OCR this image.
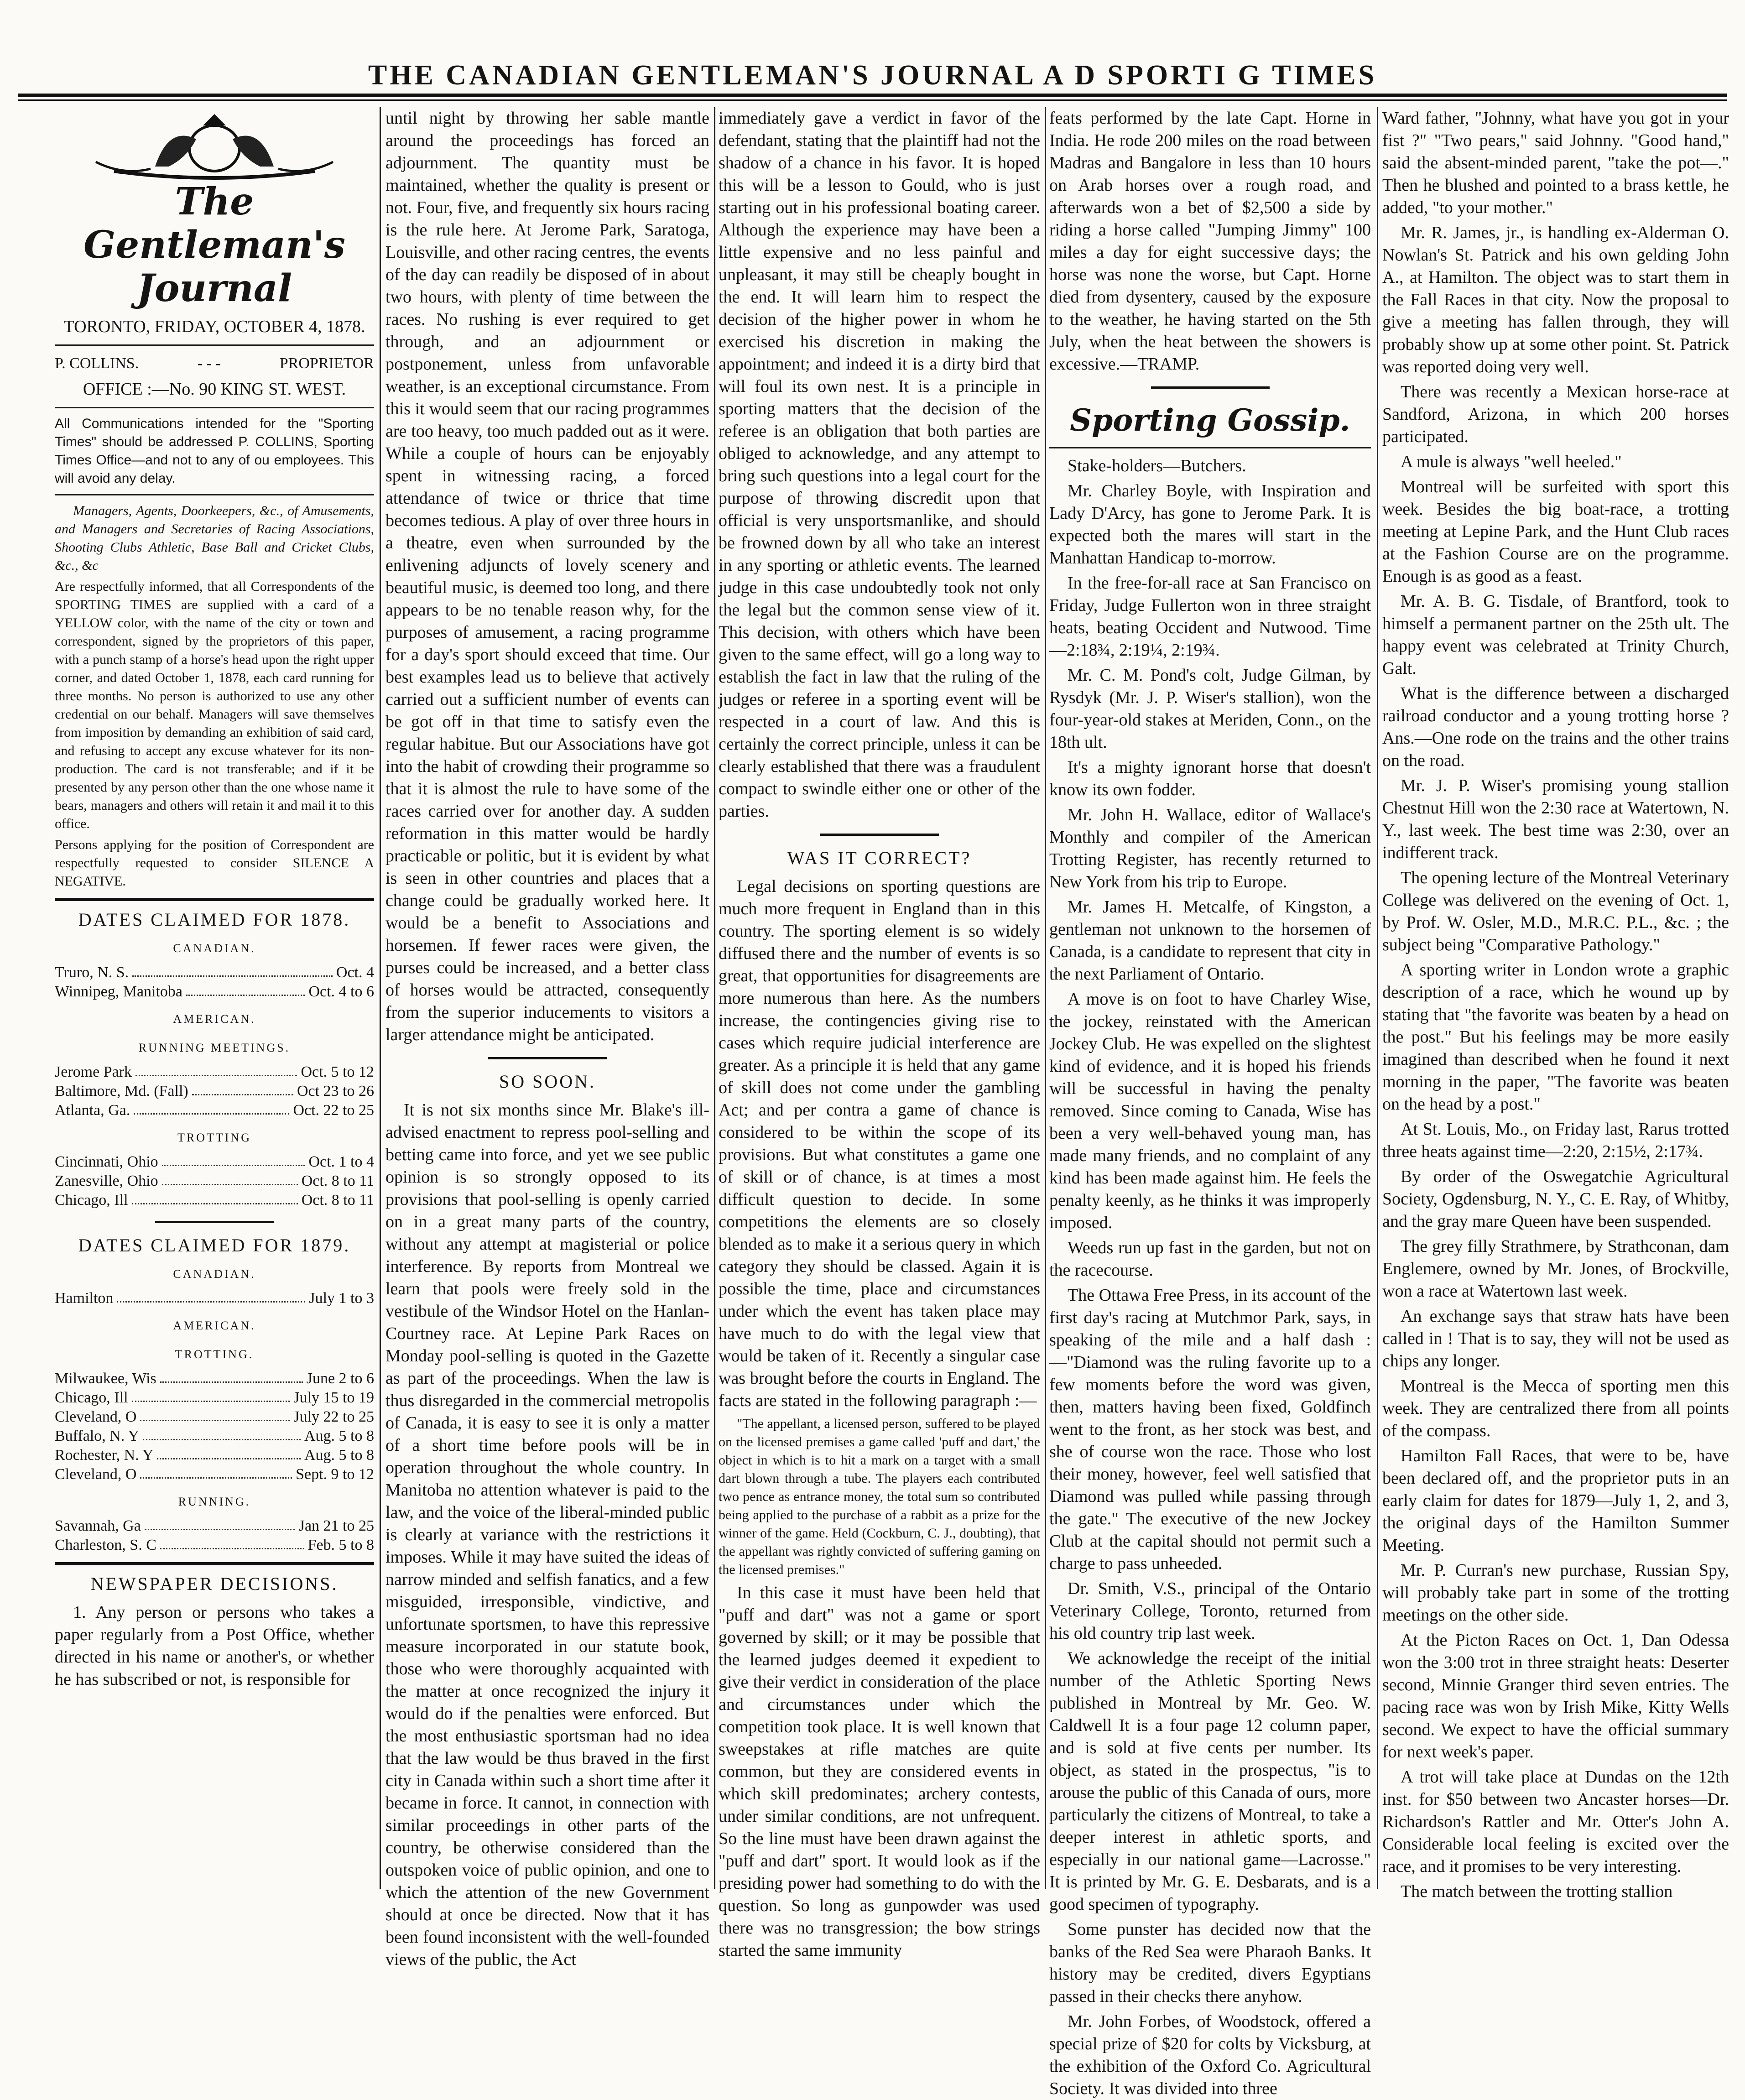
THE CANADIAN GENTLEMAN'S JOURNAL A D SPORTI G TIMES
The Gentleman's Journal
TORONTO, FRIDAY, OCTOBER 4, 1878.
P. COLLINS.	- - -	PROPRIETOR
OFFICE :—No. 90 KING ST. WEST.

All Communications intended for the "Sporting Times" should be addressed P. COLLINS, Sporting Times Office—and not to any of ou employees. This will avoid any delay.

Managers, Agents, Doorkeepers, &c., of Amusements, and Managers and Secretaries of Racing Associations, Shooting Clubs Athletic, Base Ball and Cricket Clubs, &c., &c

Are respectfully informed, that all Correspondents of the SPORTING TIMES are supplied with a card of a YELLOW color, with the name of the city or town and correspondent, signed by the proprietors of this paper, with a punch stamp of a horse's head upon the right upper corner, and dated October 1, 1878, each card running for three months. No person is authorized to use any other credential on our behalf. Managers will save themselves from imposition by demanding an exhibition of said card, and refusing to accept any excuse whatever for its non-production. The card is not transferable; and if it be presented by any person other than the one whose name it bears, managers and others will retain it and mail it to this office.

Persons applying for the position of Correspondent are respectfully requested to consider SILENCE A NEGATIVE.

DATES CLAIMED FOR 1878.
CANADIAN.
Truro, N. S.	Oct. 4
Winnipeg, Manitoba	Oct. 4 to 6
AMERICAN.
RUNNING MEETINGS.
Jerome Park	Oct. 5 to 12
Baltimore, Md. (Fall)	Oct 23 to 26
Atlanta, Ga.	Oct. 22 to 25
TROTTING
Cincinnati, Ohio	Oct. 1 to 4
Zanesville, Ohio	Oct. 8 to 11
Chicago, Ill	Oct. 8 to 11
DATES CLAIMED FOR 1879.
CANADIAN.
Hamilton	July 1 to 3
AMERICAN.
TROTTING.
Milwaukee, Wis	June 2 to 6
Chicago, Ill	July 15 to 19
Cleveland, O	July 22 to 25
Buffalo, N. Y	Aug. 5 to 8
Rochester, N. Y	Aug. 5 to 8
Cleveland, O	Sept. 9 to 12
RUNNING.
Savannah, Ga	Jan 21 to 25
Charleston, S. C	Feb. 5 to 8
NEWSPAPER DECISIONS.

1. Any person or persons who takes a paper regularly from a Post Office, whether directed in his name or another's, or whether he has subscribed or not, is responsible for

until night by throwing her sable mantle around the proceedings has forced an adjournment. The quantity must be maintained, whether the quality is present or not. Four, five, and frequently six hours racing is the rule here. At Jerome Park, Saratoga, Louisville, and other racing centres, the events of the day can readily be disposed of in about two hours, with plenty of time between the races. No rushing is ever required to get through, and an adjournment or postponement, unless from unfavorable weather, is an exceptional circumstance. From this it would seem that our racing programmes are too heavy, too much padded out as it were. While a couple of hours can be enjoyably spent in witnessing racing, a forced attendance of twice or thrice that time becomes tedious. A play of over three hours in a theatre, even when surrounded by the enlivening adjuncts of lovely scenery and beautiful music, is deemed too long, and there appears to be no tenable reason why, for the purposes of amusement, a racing programme for a day's sport should exceed that time. Our best examples lead us to believe that actively carried out a sufficient number of events can be got off in that time to satisfy even the regular habitue. But our Associations have got into the habit of crowding their programme so that it is almost the rule to have some of the races carried over for another day. A sudden reformation in this matter would be hardly practicable or politic, but it is evident by what is seen in other countries and places that a change could be gradually worked here. It would be a benefit to Associations and horsemen. If fewer races were given, the purses could be increased, and a better class of horses would be attracted, consequently from the superior inducements to visitors a larger attendance might be anticipated.

SO SOON.

It is not six months since Mr. Blake's ill-advised enactment to repress pool-selling and betting came into force, and yet we see public opinion is so strongly opposed to its provisions that pool-selling is openly carried on in a great many parts of the country, without any attempt at magisterial or police interference. By reports from Montreal we learn that pools were freely sold in the vestibule of the Windsor Hotel on the Hanlan-Courtney race. At Lepine Park Races on Monday pool-selling is quoted in the Gazette as part of the proceedings. When the law is thus disregarded in the commercial metropolis of Canada, it is easy to see it is only a matter of a short time before pools will be in operation throughout the whole country. In Manitoba no attention whatever is paid to the law, and the voice of the liberal-minded public is clearly at variance with the restrictions it imposes. While it may have suited the ideas of narrow minded and selfish fanatics, and a few misguided, irresponsible, vindictive, and unfortunate sportsmen, to have this repressive measure incorporated in our statute book, those who were thoroughly acquainted with the matter at once recognized the injury it would do if the penalties were enforced. But the most enthusiastic sportsman had no idea that the law would be thus braved in the first city in Canada within such a short time after it became in force. It cannot, in connection with similar proceedings in other parts of the country, be otherwise considered than the outspoken voice of public opinion, and one to which the attention of the new Government should at once be directed. Now that it has been found inconsistent with the well-founded views of the public, the Act

immediately gave a verdict in favor of the defendant, stating that the plaintiff had not the shadow of a chance in his favor. It is hoped this will be a lesson to Gould, who is just starting out in his professional boating career. Although the experience may have been a little expensive and no less painful and unpleasant, it may still be cheaply bought in the end. It will learn him to respect the decision of the higher power in whom he exercised his discretion in making the appointment; and indeed it is a dirty bird that will foul its own nest. It is a principle in sporting matters that the decision of the referee is an obligation that both parties are obliged to acknowledge, and any attempt to bring such questions into a legal court for the purpose of throwing discredit upon that official is very unsportsmanlike, and should be frowned down by all who take an interest in any sporting or athletic events. The learned judge in this case undoubtedly took not only the legal but the common sense view of it. This decision, with others which have been given to the same effect, will go a long way to establish the fact in law that the ruling of the judges or referee in a sporting event will be respected in a court of law. And this is certainly the correct principle, unless it can be clearly established that there was a fraudulent compact to swindle either one or other of the parties.

WAS IT CORRECT?

Legal decisions on sporting questions are much more frequent in England than in this country. The sporting element is so widely diffused there and the number of events is so great, that opportunities for disagreements are more numerous than here. As the numbers increase, the contingencies giving rise to cases which require judicial interference are greater. As a principle it is held that any game of skill does not come under the gambling Act; and per contra a game of chance is considered to be within the scope of its provisions. But what constitutes a game one of skill or of chance, is at times a most difficult question to decide. In some competitions the elements are so closely blended as to make it a serious query in which category they should be classed. Again it is possible the time, place and circumstances under which the event has taken place may have much to do with the legal view that would be taken of it. Recently a singular case was brought before the courts in England. The facts are stated in the following paragraph :—

"The appellant, a licensed person, suffered to be played on the licensed premises a game called 'puff and dart,' the object in which is to hit a mark on a target with a small dart blown through a tube. The players each contributed two pence as entrance money, the total sum so contributed being applied to the purchase of a rabbit as a prize for the winner of the game. Held (Cockburn, C. J., doubting), that the appellant was rightly convicted of suffering gaming on the licensed premises."

In this case it must have been held that "puff and dart" was not a game or sport governed by skill; or it may be possible that the learned judges deemed it expedient to give their verdict in consideration of the place and circumstances under which the competition took place. It is well known that sweepstakes at rifle matches are quite common, but they are considered events in which skill predominates; archery contests, under similar conditions, are not unfrequent. So the line must have been drawn against the "puff and dart" sport. It would look as if the presiding power had something to do with the question. So long as gunpowder was used there was no transgression; the bow strings started the same immunity

feats performed by the late Capt. Horne in India. He rode 200 miles on the road between Madras and Bangalore in less than 10 hours on Arab horses over a rough road, and afterwards won a bet of $2,500 a side by riding a horse called "Jumping Jimmy" 100 miles a day for eight successive days; the horse was none the worse, but Capt. Horne died from dysentery, caused by the exposure to the weather, he having started on the 5th July, when the heat between the showers is excessive.—TRAMP.

Sporting Gossip.

Stake-holders—Butchers.

Mr. Charley Boyle, with Inspiration and Lady D'Arcy, has gone to Jerome Park. It is expected both the mares will start in the Manhattan Handicap to-morrow.

In the free-for-all race at San Francisco on Friday, Judge Fullerton won in three straight heats, beating Occident and Nutwood. Time—2:18¾, 2:19¼, 2:19¾.

Mr. C. M. Pond's colt, Judge Gilman, by Rysdyk (Mr. J. P. Wiser's stallion), won the four-year-old stakes at Meriden, Conn., on the 18th ult.

It's a mighty ignorant horse that doesn't know its own fodder.

Mr. John H. Wallace, editor of Wallace's Monthly and compiler of the American Trotting Register, has recently returned to New York from his trip to Europe.

Mr. James H. Metcalfe, of Kingston, a gentleman not unknown to the horsemen of Canada, is a candidate to represent that city in the next Parliament of Ontario.

A move is on foot to have Charley Wise, the jockey, reinstated with the American Jockey Club. He was expelled on the slightest kind of evidence, and it is hoped his friends will be successful in having the penalty removed. Since coming to Canada, Wise has been a very well-behaved young man, has made many friends, and no complaint of any kind has been made against him. He feels the penalty keenly, as he thinks it was improperly imposed.

Weeds run up fast in the garden, but not on the racecourse.

The Ottawa Free Press, in its account of the first day's racing at Mutchmor Park, says, in speaking of the mile and a half dash : —"Diamond was the ruling favorite up to a few moments before the word was given, then, matters having been fixed, Goldfinch went to the front, as her stock was best, and she of course won the race. Those who lost their money, however, feel well satisfied that Diamond was pulled while passing through the gate." The executive of the new Jockey Club at the capital should not permit such a charge to pass unheeded.

Dr. Smith, V.S., principal of the Ontario Veterinary College, Toronto, returned from his old country trip last week.

We acknowledge the receipt of the initial number of the Athletic Sporting News published in Montreal by Mr. Geo. W. Caldwell It is a four page 12 column paper, and is sold at five cents per number. Its object, as stated in the prospectus, "is to arouse the public of this Canada of ours, more particularly the citizens of Montreal, to take a deeper interest in athletic sports, and especially in our national game—Lacrosse." It is printed by Mr. G. E. Desbarats, and is a good specimen of typography.

Some punster has decided now that the banks of the Red Sea were Pharaoh Banks. It history may be credited, divers Egyptians passed in their checks there anyhow.

Mr. John Forbes, of Woodstock, offered a special prize of $20 for colts by Vicksburg, at the exhibition of the Oxford Co. Agricultural Society. It was divided into three

Ward father, "Johnny, what have you got in your fist ?" "Two pears," said Johnny. "Good hand," said the absent-minded parent, "take the pot—." Then he blushed and pointed to a brass kettle, he added, "to your mother."

Mr. R. James, jr., is handling ex-Alderman O. Nowlan's St. Patrick and his own gelding John A., at Hamilton. The object was to start them in the Fall Races in that city. Now the proposal to give a meeting has fallen through, they will probably show up at some other point. St. Patrick was reported doing very well.

There was recently a Mexican horse-race at Sandford, Arizona, in which 200 horses participated.

A mule is always "well heeled."

Montreal will be surfeited with sport this week. Besides the big boat-race, a trotting meeting at Lepine Park, and the Hunt Club races at the Fashion Course are on the programme. Enough is as good as a feast.

Mr. A. B. G. Tisdale, of Brantford, took to himself a permanent partner on the 25th ult. The happy event was celebrated at Trinity Church, Galt.

What is the difference between a discharged railroad conductor and a young trotting horse ? Ans.—One rode on the trains and the other trains on the road.

Mr. J. P. Wiser's promising young stallion Chestnut Hill won the 2:30 race at Watertown, N. Y., last week. The best time was 2:30, over an indifferent track.

The opening lecture of the Montreal Veterinary College was delivered on the evening of Oct. 1, by Prof. W. Osler, M.D., M.R.C. P.L., &c. ; the subject being "Comparative Pathology."

A sporting writer in London wrote a graphic description of a race, which he wound up by stating that "the favorite was beaten by a head on the post." But his feelings may be more easily imagined than described when he found it next morning in the paper, "The favorite was beaten on the head by a post."

At St. Louis, Mo., on Friday last, Rarus trotted three heats against time—2:20, 2:15½, 2:17¾.

By order of the Oswegatchie Agricultural Society, Ogdensburg, N. Y., C. E. Ray, of Whitby, and the gray mare Queen have been suspended.

The grey filly Strathmere, by Strathconan, dam Englemere, owned by Mr. Jones, of Brockville, won a race at Watertown last week.

An exchange says that straw hats have been called in ! That is to say, they will not be used as chips any longer.

Montreal is the Mecca of sporting men this week. They are centralized there from all points of the compass.

Hamilton Fall Races, that were to be, have been declared off, and the proprietor puts in an early claim for dates for 1879—July 1, 2, and 3, the original days of the Hamilton Summer Meeting.

Mr. P. Curran's new purchase, Russian Spy, will probably take part in some of the trotting meetings on the other side.

At the Picton Races on Oct. 1, Dan Odessa won the 3:00 trot in three straight heats: Deserter second, Minnie Granger third seven entries. The pacing race was won by Irish Mike, Kitty Wells second. We expect to have the official summary for next week's paper.

A trot will take place at Dundas on the 12th inst. for $50 between two Ancaster horses—Dr. Richardson's Rattler and Mr. Otter's John A. Considerable local feeling is excited over the race, and it promises to be very interesting.

The match between the trotting stallion
